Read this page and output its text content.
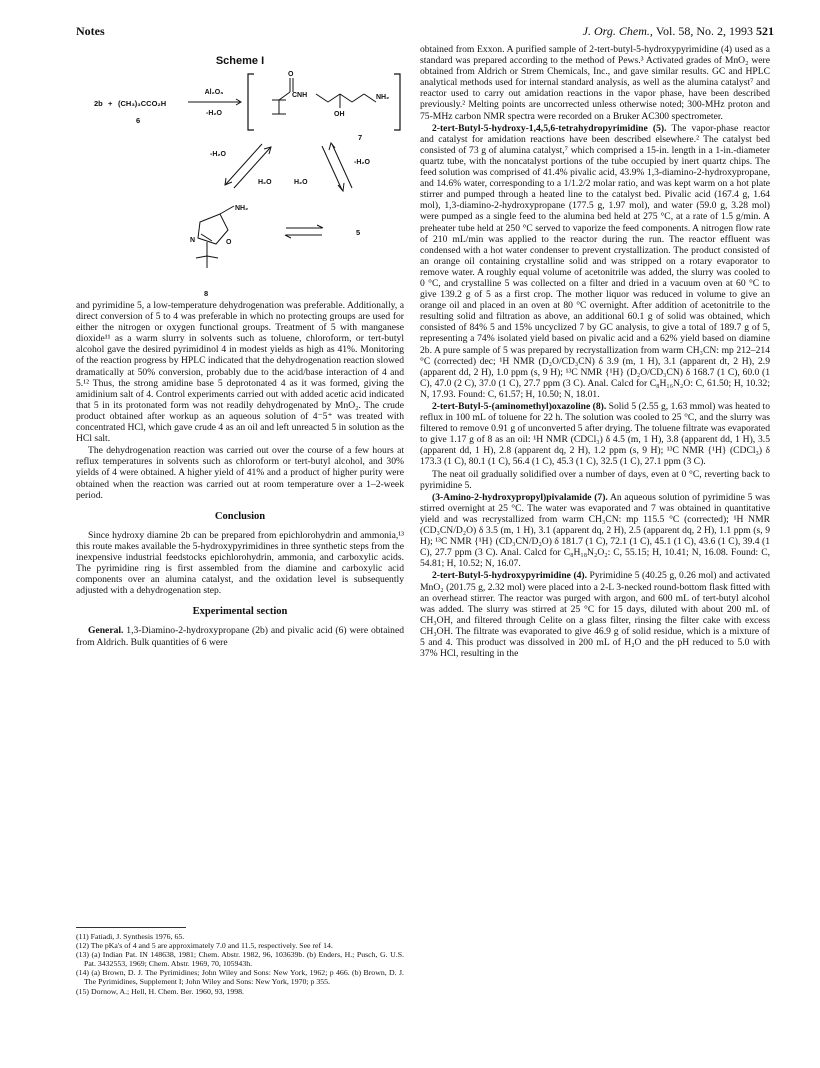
Notes	J. Org. Chem., Vol. 58, No. 2, 1993 521
Scheme I
2b + (CH₃)₃CCO₂H
6
Al₂O₃
-H₂O
O
CNH
OH
NH₂
7
-H₂O
H₂O	H₂O
-H₂O
N	O
NH₂
5
8

and pyrimidine 5, a low-temperature dehydrogenation was preferable. Additionally, a direct conversion of 5 to 4 was preferable in which no protecting groups are used for either the nitrogen or oxygen functional groups. Treatment of 5 with manganese dioxide¹¹ as a warm slurry in solvents such as toluene, chloroform, or tert-butyl alcohol gave the desired pyrimidinol 4 in modest yields as high as 41%. Monitoring of the reaction progress by HPLC indicated that the dehydrogenation reaction slowed dramatically at 50% conversion, probably due to the acid/base interaction of 4 and 5.¹² Thus, the strong amidine base 5 deprotonated 4 as it was formed, giving the amidinium salt of 4. Control experiments carried out with added acetic acid indicated that 5 in its protonated form was not readily dehydrogenated by MnO₂. The crude product obtained after workup as an aqueous solution of 4⁻5⁺ was treated with concentrated HCl, which gave crude 4 as an oil and left unreacted 5 in solution as the HCl salt.

The dehydrogenation reaction was carried out over the course of a few hours at reflux temperatures in solvents such as chloroform or tert-butyl alcohol, and 30% yields of 4 were obtained. A higher yield of 41% and a product of higher purity were obtained when the reaction was carried out at room temperature over a 1–2-week period.

Conclusion

Since hydroxy diamine 2b can be prepared from epichlorohydrin and ammonia,¹³ this route makes available the 5-hydroxypyrimidines in three synthetic steps from the inexpensive industrial feedstocks epichlorohydrin, ammonia, and carboxylic acids. The pyrimidine ring is first assembled from the diamine and carboxylic acid components over an alumina catalyst, and the oxidation level is subsequently adjusted with a dehydrogenation step.

Experimental section

General. 1,3-Diamino-2-hydroxypropane (2b) and pivalic acid (6) were obtained from Aldrich. Bulk quantities of 6 were

(11) Fatiadi, J. Synthesis 1976, 65.

(12) The pKa's of 4 and 5 are approximately 7.0 and 11.5, respectively. See ref 14.

(13) (a) Indian Pat. IN 148638, 1981; Chem. Abstr. 1982, 96, 103639b. (b) Enders, H.; Pusch, G. U.S. Pat. 3432553, 1969; Chem. Abstr. 1969, 70, 105943h.

(14) (a) Brown, D. J. The Pyrimidines; John Wiley and Sons: New York, 1962; p 466. (b) Brown, D. J. The Pyrimidines, Supplement I; John Wiley and Sons: New York, 1970; p 355.

(15) Dornow, A.; Hell, H. Chem. Ber. 1960, 93, 1998.

obtained from Exxon. A purified sample of 2-tert-butyl-5-hydroxypyrimidine (4) used as a standard was prepared according to the method of Pews.³ Activated grades of MnO₂ were obtained from Aldrich or Strem Chemicals, Inc., and gave similar results. GC and HPLC analytical methods used for internal standard analysis, as well as the alumina catalyst⁷ and reactor used to carry out amidation reactions in the vapor phase, have been described previously.² Melting points are uncorrected unless otherwise noted; 300-MHz proton and 75-MHz carbon NMR spectra were recorded on a Bruker AC300 spectrometer.

2-tert-Butyl-5-hydroxy-1,4,5,6-tetrahydropyrimidine (5). The vapor-phase reactor and catalyst for amidation reactions have been described elsewhere.² The catalyst bed consisted of 73 g of alumina catalyst,⁷ which comprised a 15-in. length in a 1-in.-diameter quartz tube, with the noncatalyst portions of the tube occupied by inert quartz chips. The feed solution was comprised of 41.4% pivalic acid, 43.9% 1,3-diamino-2-hydroxypropane, and 14.6% water, corresponding to a 1/1.2/2 molar ratio, and was kept warm on a hot plate stirrer and pumped through a heated line to the catalyst bed. Pivalic acid (167.4 g, 1.64 mol), 1,3-diamino-2-hydroxypropane (177.5 g, 1.97 mol), and water (59.0 g, 3.28 mol) were pumped as a single feed to the alumina bed held at 275 °C, at a rate of 1.5 g/min. A preheater tube held at 250 °C served to vaporize the feed components. A nitrogen flow rate of 210 mL/min was applied to the reactor during the run. The reactor effluent was condensed with a hot water condenser to prevent crystallization. The product consisted of an orange oil containing crystalline solid and was stripped on a rotary evaporator to remove water. A roughly equal volume of acetonitrile was added, the slurry was cooled to 0 °C, and crystalline 5 was collected on a filter and dried in a vacuum oven at 60 °C to give 139.2 g of 5 as a first crop. The mother liquor was reduced in volume to give an orange oil and placed in an oven at 80 °C overnight. After addition of acetonitrile to the resulting solid and filtration as above, an additional 60.1 g of solid was obtained, which consisted of 84% 5 and 15% uncyclized 7 by GC analysis, to give a total of 189.7 g of 5, representing a 74% isolated yield based on pivalic acid and a 62% yield based on diamine 2b. A pure sample of 5 was prepared by recrystallization from warm CH₃CN: mp 212–214 °C (corrected) dec; ¹H NMR (D₂O/CD₃CN) δ 3.9 (m, 1 H), 3.1 (apparent dt, 2 H), 2.9 (apparent dd, 2 H), 1.0 ppm (s, 9 H); ¹³C NMR {¹H} (D₂O/CD₃CN) δ 168.7 (1 C), 60.0 (1 C), 47.0 (2 C), 37.0 (1 C), 27.7 ppm (3 C). Anal. Calcd for C₈H₁₆N₂O: C, 61.50; H, 10.32; N, 17.93. Found: C, 61.57; H, 10.50; N, 18.01.

2-tert-Butyl-5-(aminomethyl)oxazoline (8). Solid 5 (2.55 g, 1.63 mmol) was heated to reflux in 100 mL of toluene for 22 h. The solution was cooled to 25 °C, and the slurry was filtered to remove 0.91 g of unconverted 5 after drying. The toluene filtrate was evaporated to give 1.17 g of 8 as an oil: ¹H NMR (CDCl₃) δ 4.5 (m, 1 H), 3.8 (apparent dd, 1 H), 3.5 (apparent dd, 1 H), 2.8 (apparent dq, 2 H), 1.2 ppm (s, 9 H); ¹³C NMR {¹H} (CDCl₃) δ 173.3 (1 C), 80.1 (1 C), 56.4 (1 C), 45.3 (1 C), 32.5 (1 C), 27.1 ppm (3 C).

The neat oil gradually solidified over a number of days, even at 0 °C, reverting back to pyrimidine 5.

(3-Amino-2-hydroxypropyl)pivalamide (7). An aqueous solution of pyrimidine 5 was stirred overnight at 25 °C. The water was evaporated and 7 was obtained in quantitative yield and was recrystallized from warm CH₃CN: mp 115.5 °C (corrected); ¹H NMR (CD₃CN/D₂O) δ 3.5 (m, 1 H), 3.1 (apparent dq, 2 H), 2.5 (apparent dq, 2 H), 1.1 ppm (s, 9 H); ¹³C NMR {¹H} (CD₃CN/D₂O) δ 181.7 (1 C), 72.1 (1 C), 45.1 (1 C), 43.6 (1 C), 39.4 (1 C), 27.7 ppm (3 C). Anal. Calcd for C₈H₁₈N₂O₂: C, 55.15; H, 10.41; N, 16.08. Found: C, 54.81; H, 10.52; N, 16.07.

2-tert-Butyl-5-hydroxypyrimidine (4). Pyrimidine 5 (40.25 g, 0.26 mol) and activated MnO₂ (201.75 g, 2.32 mol) were placed into a 2-L 3-necked round-bottom flask fitted with an overhead stirrer. The reactor was purged with argon, and 600 mL of tert-butyl alcohol was added. The slurry was stirred at 25 °C for 15 days, diluted with about 200 mL of CH₃OH, and filtered through Celite on a glass filter, rinsing the filter cake with excess CH₃OH. The filtrate was evaporated to give 46.9 g of solid residue, which is a mixture of 5 and 4. This product was dissolved in 200 mL of H₂O and the pH reduced to 5.0 with 37% HCl, resulting in the
